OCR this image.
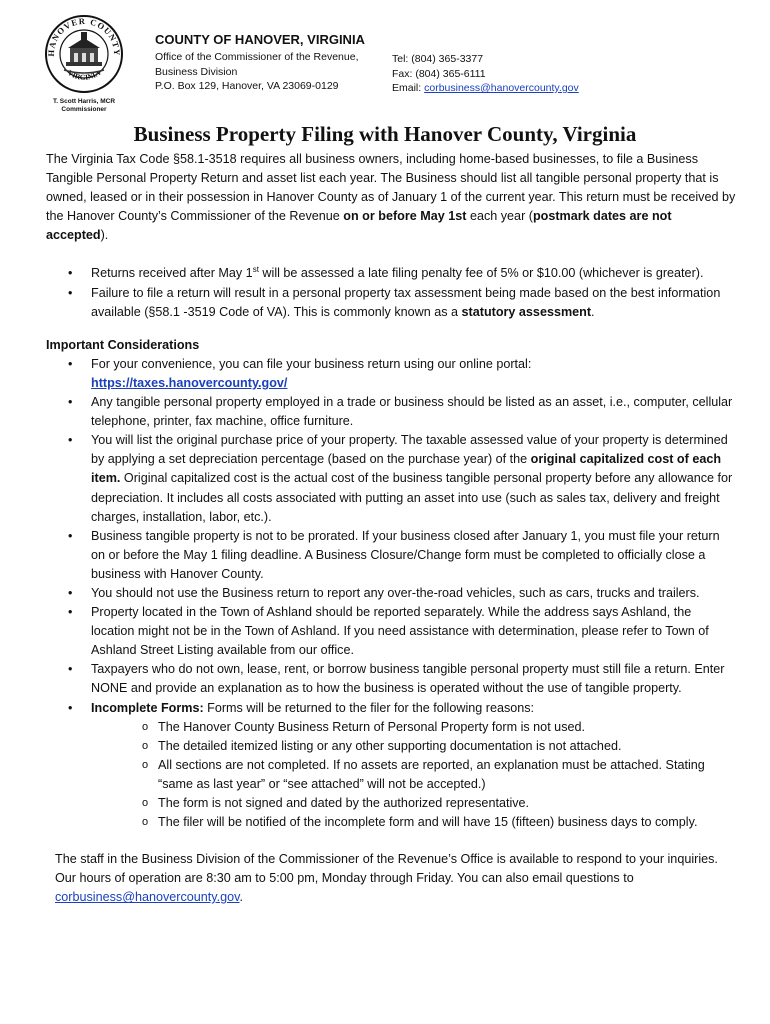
HANOVER COUNTY
VIRGINIA
T. Scott Harris, MCR
Commissioner
COUNTY OF HANOVER, VIRGINIA
Office of the Commissioner of the Revenue,
Business Division
P.O. Box 129, Hanover, VA 23069-0129
Tel: (804) 365-3377
Fax: (804) 365-6111
Email: corbusiness@hanovercounty.gov
Business Property Filing with Hanover County, Virginia

The Virginia Tax Code §58.1-3518 requires all business owners, including home-based businesses, to file a Business Tangible Personal Property Return and asset list each year. The Business should list all tangible personal property that is owned, leased or in their possession in Hanover County as of January 1 of the current year. This return must be received by the Hanover County’s Commissioner of the Revenue on or before May 1st each year (postmark dates are not accepted).

• Returns received after May 1st will be assessed a late filing penalty fee of 5% or $10.00 (whichever is greater).
• Failure to file a return will result in a personal property tax assessment being made based on the best information available (§58.1 -3519 Code of VA). This is commonly known as a statutory assessment.

Important Considerations

• For your convenience, you can file your business return using our online portal:
https://taxes.hanovercounty.gov/
• Any tangible personal property employed in a trade or business should be listed as an asset, i.e., computer, cellular telephone, printer, fax machine, office furniture.
• You will list the original purchase price of your property. The taxable assessed value of your property is determined by applying a set depreciation percentage (based on the purchase year) of the original capitalized cost of each item. Original capitalized cost is the actual cost of the business tangible personal property before any allowance for depreciation. It includes all costs associated with putting an asset into use (such as sales tax, delivery and freight charges, installation, labor, etc.).
• Business tangible property is not to be prorated. If your business closed after January 1, you must file your return on or before the May 1 filing deadline. A Business Closure/Change form must be completed to officially close a business with Hanover County.
• You should not use the Business return to report any over-the-road vehicles, such as cars, trucks and trailers.
• Property located in the Town of Ashland should be reported separately. While the address says Ashland, the location might not be in the Town of Ashland. If you need assistance with determination, please refer to Town of Ashland Street Listing available from our office.
• Taxpayers who do not own, lease, rent, or borrow business tangible personal property must still file a return. Enter NONE and provide an explanation as to how the business is operated without the use of tangible property.
• Incomplete Forms: Forms will be returned to the filer for the following reasons:
o The Hanover County Business Return of Personal Property form is not used.
o The detailed itemized listing or any other supporting documentation is not attached.
o All sections are not completed. If no assets are reported, an explanation must be attached. Stating “same as last year” or “see attached” will not be accepted.)
o The form is not signed and dated by the authorized representative.
o The filer will be notified of the incomplete form and will have 15 (fifteen) business days to comply.

The staff in the Business Division of the Commissioner of the Revenue’s Office is available to respond to your inquiries. Our hours of operation are 8:30 am to 5:00 pm, Monday through Friday. You can also email questions to corbusiness@hanovercounty.gov.
